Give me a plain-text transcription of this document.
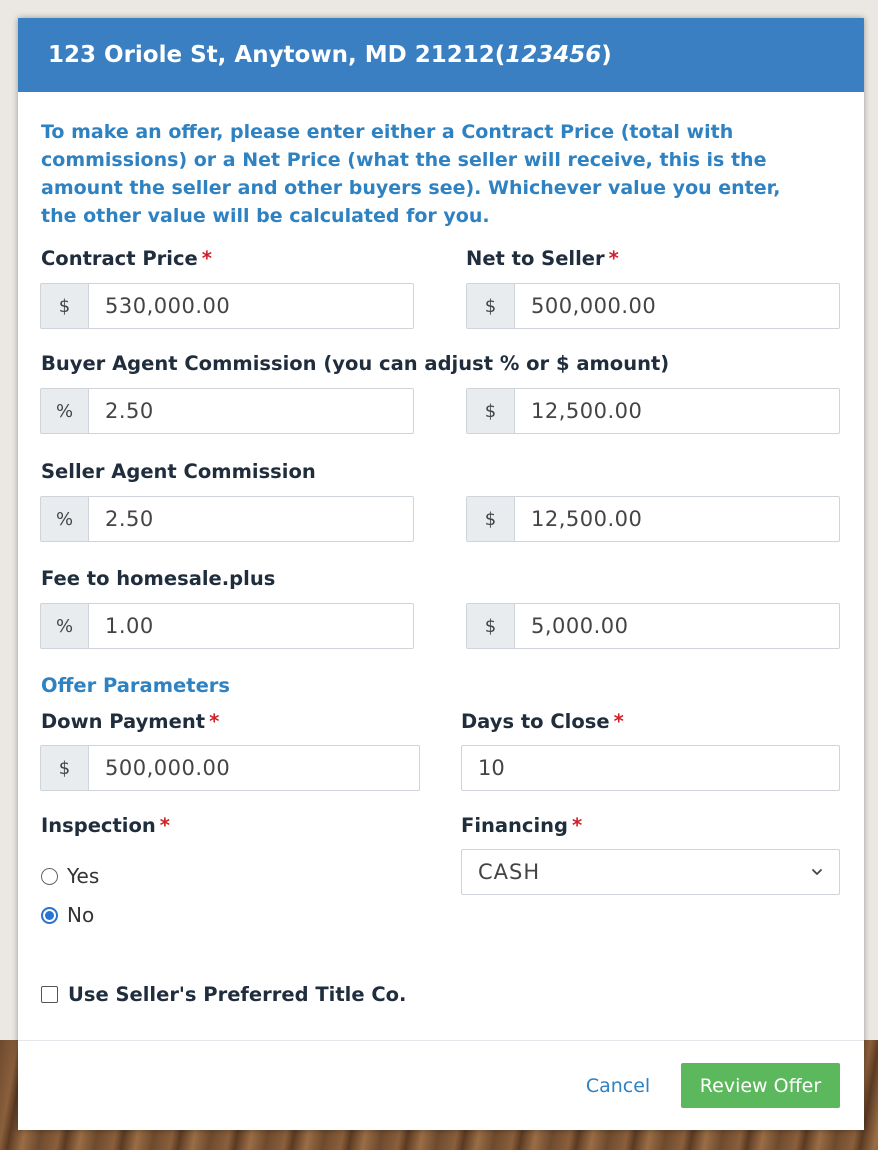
123 Oriole St, Anytown, MD 21212 ( 123456 )
To make an offer, please enter either a Contract Price (total with commissions) or a Net Price (what the seller will receive, this is the amount the seller and other buyers see). Whichever value you enter, the other value will be calculated for you.
Contract Price *
$	530,000.00
Net to Seller *
$	500,000.00
Buyer Agent Commission (you can adjust % or $ amount)
%	2.50	$	12,500.00
Seller Agent Commission
%	2.50	$	12,500.00
Fee to homesale.plus
%	1.00	$	5,000.00
Offer Parameters
Down Payment *
$	500,000.00
Days to Close *
10
Inspection *
Yes
No
Financing *
CASH
Use Seller's Preferred Title Co.
Cancel	Review Offer
